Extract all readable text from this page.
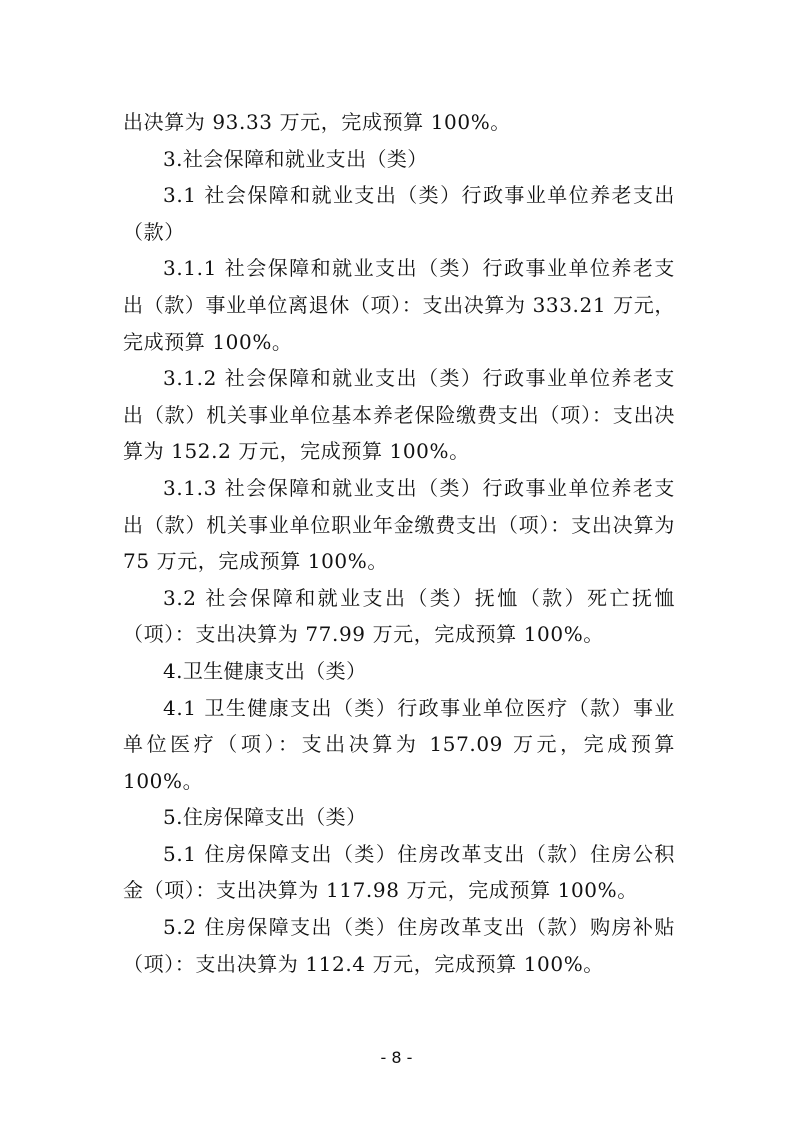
出决算为 93.33 万元，完成预算 100%。

3.社会保障和就业支出（类）

3.1 社会保障和就业支出（类）行政事业单位养老支出（款）

3.1.1 社会保障和就业支出（类）行政事业单位养老支出（款）事业单位离退休（项）：支出决算为 333.21 万元，完成预算 100%。

3.1.2 社会保障和就业支出（类）行政事业单位养老支出（款）机关事业单位基本养老保险缴费支出（项）：支出决算为 152.2 万元，完成预算 100%。

3.1.3 社会保障和就业支出（类）行政事业单位养老支出（款）机关事业单位职业年金缴费支出（项）：支出决算为 75 万元，完成预算 100%。

3.2 社会保障和就业支出（类）抚恤（款）死亡抚恤（项）：支出决算为 77.99 万元，完成预算 100%。

4.卫生健康支出（类）

4.1 卫生健康支出（类）行政事业单位医疗（款）事业单位医疗（项）：支出决算为 157.09 万元，完成预算 100%。

5.住房保障支出（类）

5.1 住房保障支出（类）住房改革支出（款）住房公积金（项）：支出决算为 117.98 万元，完成预算 100%。

5.2 住房保障支出（类）住房改革支出（款）购房补贴（项）：支出决算为 112.4 万元，完成预算 100%。

- 8 -
